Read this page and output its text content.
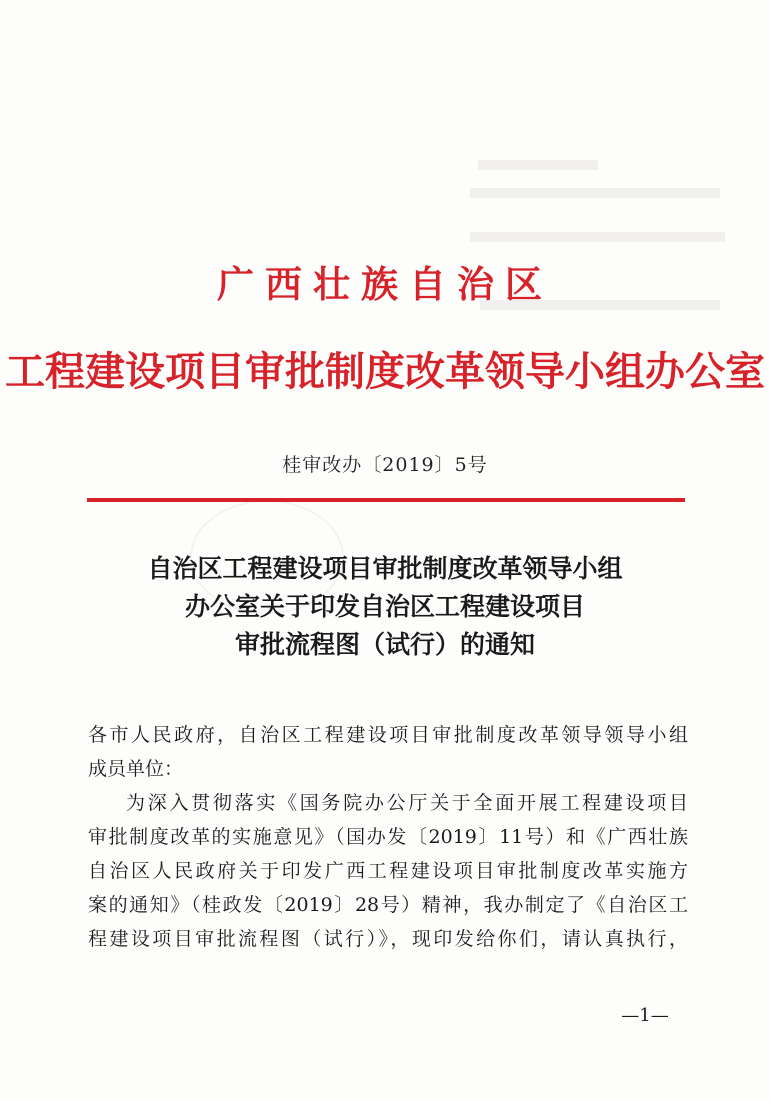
广西壮族自治区
工程建设项目审批制度改革领导小组办公室
桂审改办〔2019〕5号
自治区工程建设项目审批制度改革领导小组
办公室关于印发自治区工程建设项目
审批流程图（试行）的通知
各市人民政府，自治区工程建设项目审批制度改革领导领导小组
成员单位：
为深入贯彻落实《国务院办公厅关于全面开展工程建设项目
审批制度改革的实施意见》（国办发〔2019〕11号）和《广西壮族
自治区人民政府关于印发广西工程建设项目审批制度改革实施方
案的通知》（桂政发〔2019〕28号）精神，我办制定了《自治区工
程建设项目审批流程图（试行）》，现印发给你们，请认真执行，
—1—
